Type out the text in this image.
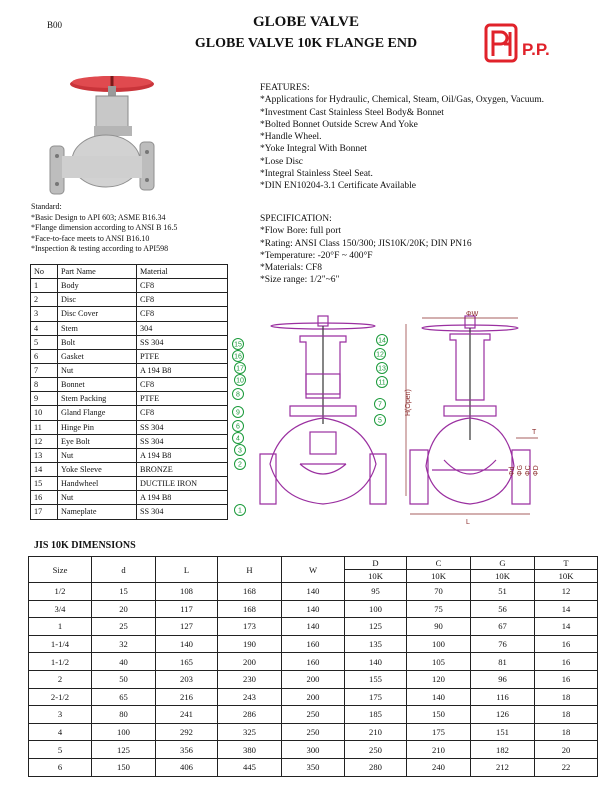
B00	GLOBE VALVE
GLOBE VALVE 10K FLANGE END	P.P.
FEATURES:
*Applications for Hydraulic, Chemical, Steam, Oil/Gas, Oxygen, Vacuum.
*Investment Cast Stainless Steel Body& Bonnet
*Bolted Bonnet Outside Screw And Yoke
*Handle Wheel.
*Yoke Integral With Bonnet
*Lose Disc
*Integral Stainless Steel Seat.
*DIN EN10204-3.1 Certificate Available
Standard:
*Basic Design to API 603; ASME B16.34
*Flange dimension according to ANSI B 16.5
*Face-to-face meets to ANSI B16.10
*Inspection & testing according to API598
SPECIFICATION:
*Flow Bore: full port
*Rating: ANSI Class 150/300; JIS10K/20K; DIN PN16
*Temperature: -20°F ~ 400°F
*Materials: CF8
*Size range: 1/2"~6"
No	Part Name	Material
1	Body	CF8
2	Disc	CF8
3	Disc Cover	CF8
4	Stem	304
5	Bolt	SS 304
6	Gasket	PTFE
7	Nut	A 194 B8
8	Bonnet	CF8
9	Stem Packing	PTFE
10	Gland Flange	CF8
11	Hinge Pin	SS 304
12	Eye Bolt	SS 304
13	Nut	A 194 B8
14	Yoke Sleeve	BRONZE
15	Handwheel	DUCTILE IRON
16	Nut	A 194 B8
17	Nameplate	SS 304
15
16
17
10
8
9
6
4
3
2
1
14
12
13
11
7
5
ΦW
H(Open)
L
T
ΦG ΦC ΦD
Φd
JIS 10K DIMENSIONS
Size	d	L	H	W	D	C	G	T
					10K	10K	10K	10K
1/2	15	108	168	140	95	70	51	12
3/4	20	117	168	140	100	75	56	14
1	25	127	173	140	125	90	67	14
1-1/4	32	140	190	160	135	100	76	16
1-1/2	40	165	200	160	140	105	81	16
2	50	203	230	200	155	120	96	16
2-1/2	65	216	243	200	175	140	116	18
3	80	241	286	250	185	150	126	18
4	100	292	325	250	210	175	151	18
5	125	356	380	300	250	210	182	20
6	150	406	445	350	280	240	212	22
